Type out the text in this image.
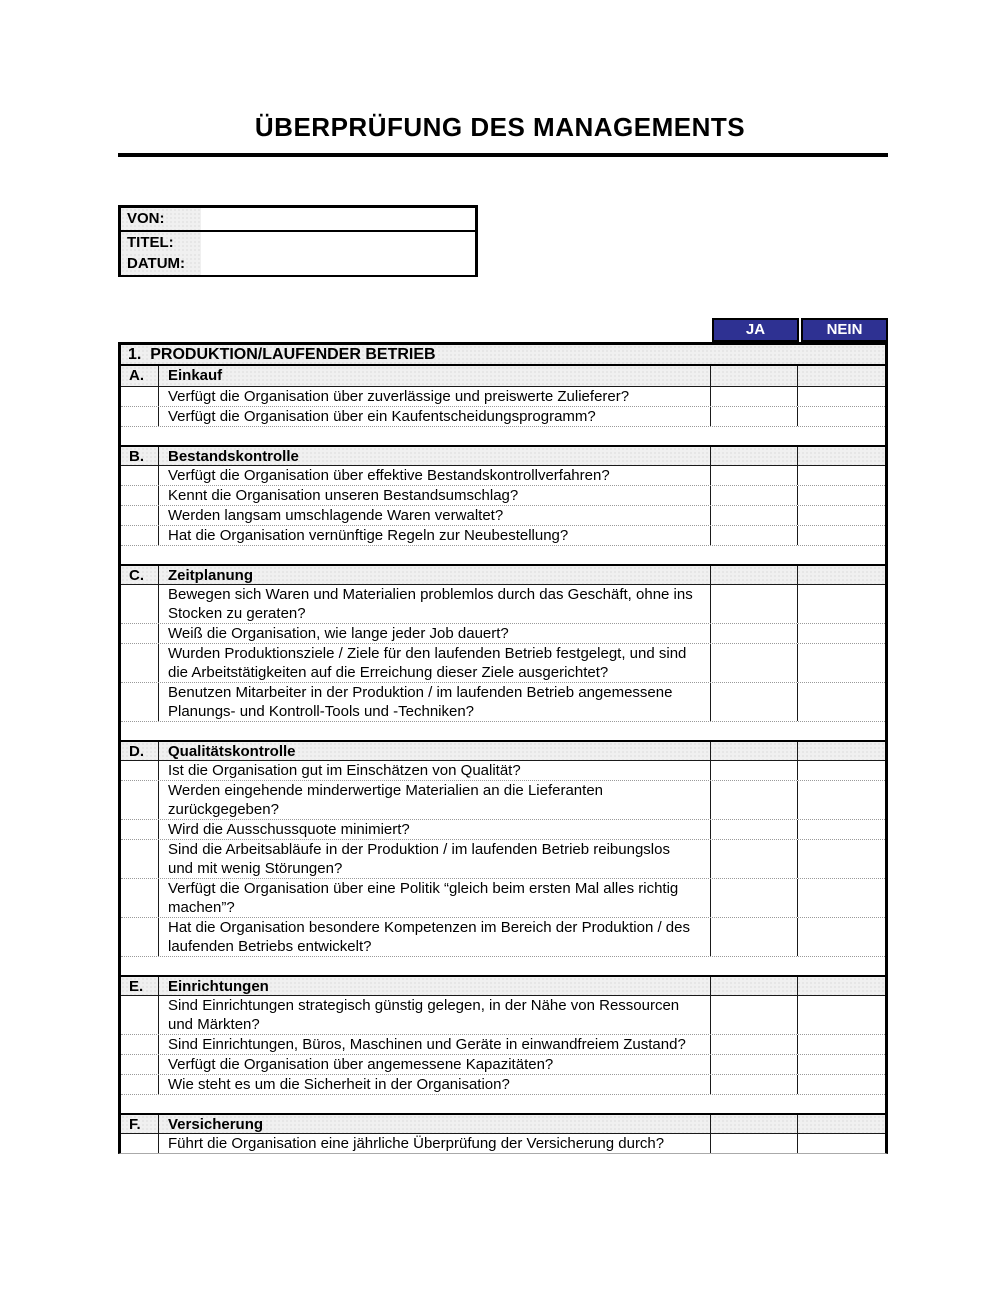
ÜBERPRÜFUNG DES MANAGEMENTS
VON:
TITEL:
DATUM:
JA	NEIN
1. PRODUKTION/LAUFENDER BETRIEB
A.	Einkauf
Verfügt die Organisation über zuverlässige und preiswerte Zulieferer?
Verfügt die Organisation über ein Kaufentscheidungsprogramm?
B.	Bestandskontrolle
Verfügt die Organisation über effektive Bestandskontrollverfahren?
Kennt die Organisation unseren Bestandsumschlag?
Werden langsam umschlagende Waren verwaltet?
Hat die Organisation vernünftige Regeln zur Neubestellung?
C.	Zeitplanung
Bewegen sich Waren und Materialien problemlos durch das Geschäft, ohne ins Stocken zu geraten?
Weiß die Organisation, wie lange jeder Job dauert?
Wurden Produktionsziele / Ziele für den laufenden Betrieb festgelegt, und sind die Arbeitstätigkeiten auf die Erreichung dieser Ziele ausgerichtet?
Benutzen Mitarbeiter in der Produktion / im laufenden Betrieb angemessene Planungs- und Kontroll-Tools und -Techniken?
D.	Qualitätskontrolle
Ist die Organisation gut im Einschätzen von Qualität?
Werden eingehende minderwertige Materialien an die Lieferanten zurückgegeben?
Wird die Ausschussquote minimiert?
Sind die Arbeitsabläufe in der Produktion / im laufenden Betrieb reibungslos und mit wenig Störungen?
Verfügt die Organisation über eine Politik “gleich beim ersten Mal alles richtig machen”?
Hat die Organisation besondere Kompetenzen im Bereich der Produktion / des laufenden Betriebs entwickelt?
E.	Einrichtungen
Sind Einrichtungen strategisch günstig gelegen, in der Nähe von Ressourcen und Märkten?
Sind Einrichtungen, Büros, Maschinen und Geräte in einwandfreiem Zustand?
Verfügt die Organisation über angemessene Kapazitäten?
Wie steht es um die Sicherheit in der Organisation?
F.	Versicherung
Führt die Organisation eine jährliche Überprüfung der Versicherung durch?
